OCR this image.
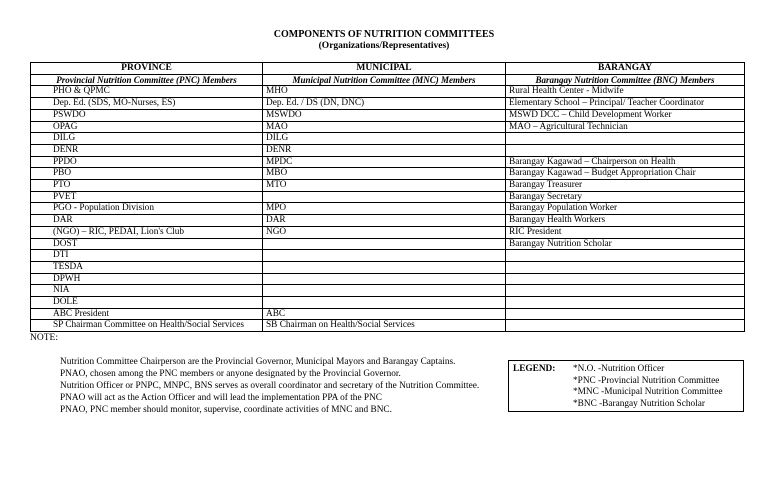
COMPONENTS OF NUTRITION COMMITTEES
(Organizations/Representatives)
PROVINCE	MUNICIPAL	BARANGAY
Provincial Nutrition Committee (PNC) Members	Municipal Nutrition Committee (MNC) Members	Barangay Nutrition Committee (BNC) Members
PHO & QPMC	MHO	Rural Health Center - Midwife
Dep. Ed. (SDS, MO-Nurses, ES)	Dep. Ed. / DS (DN, DNC)	Elementary School – Principal/ Teacher Coordinator
PSWDO	MSWDO	MSWD DCC – Child Development Worker
OPAG	MAO	MAO – Agricultural Technician
DILG	DILG	
DENR	DENR	
PPDO	MPDC	Barangay Kagawad – Chairperson on Health
PBO	MBO	Barangay Kagawad – Budget Appropriation Chair
PTO	MTO	Barangay Treasurer
PVET		Barangay Secretary
PGO - Population Division	MPO	Barangay Population Worker
DAR	DAR	Barangay Health Workers
(NGO) – RIC, PEDAI, Lion's Club	NGO	RIC President
DOST		Barangay Nutrition Scholar
DTI		
TESDA		
DPWH		
NIA		
DOLE		
ABC President	ABC	
SP Chairman Committee on Health/Social Services	SB Chairman on Health/Social Services	
NOTE:
Nutrition Committee Chairperson are the Provincial Governor, Municipal Mayors and Barangay Captains.
PNAO, chosen among the PNC members or anyone designated by the Provincial Governor.
Nutrition Officer or PNPC, MNPC, BNS serves as overall coordinator and secretary of the Nutrition Committee.
PNAO will act as the Action Officer and will lead the implementation PPA of the PNC
PNAO, PNC member should monitor, supervise, coordinate activities of MNC and BNC.
LEGEND: *N.O. -Nutrition Officer
*PNC -Provincial Nutrition Committee
*MNC -Municipal Nutrition Committee
*BNC -Barangay Nutrition Scholar
